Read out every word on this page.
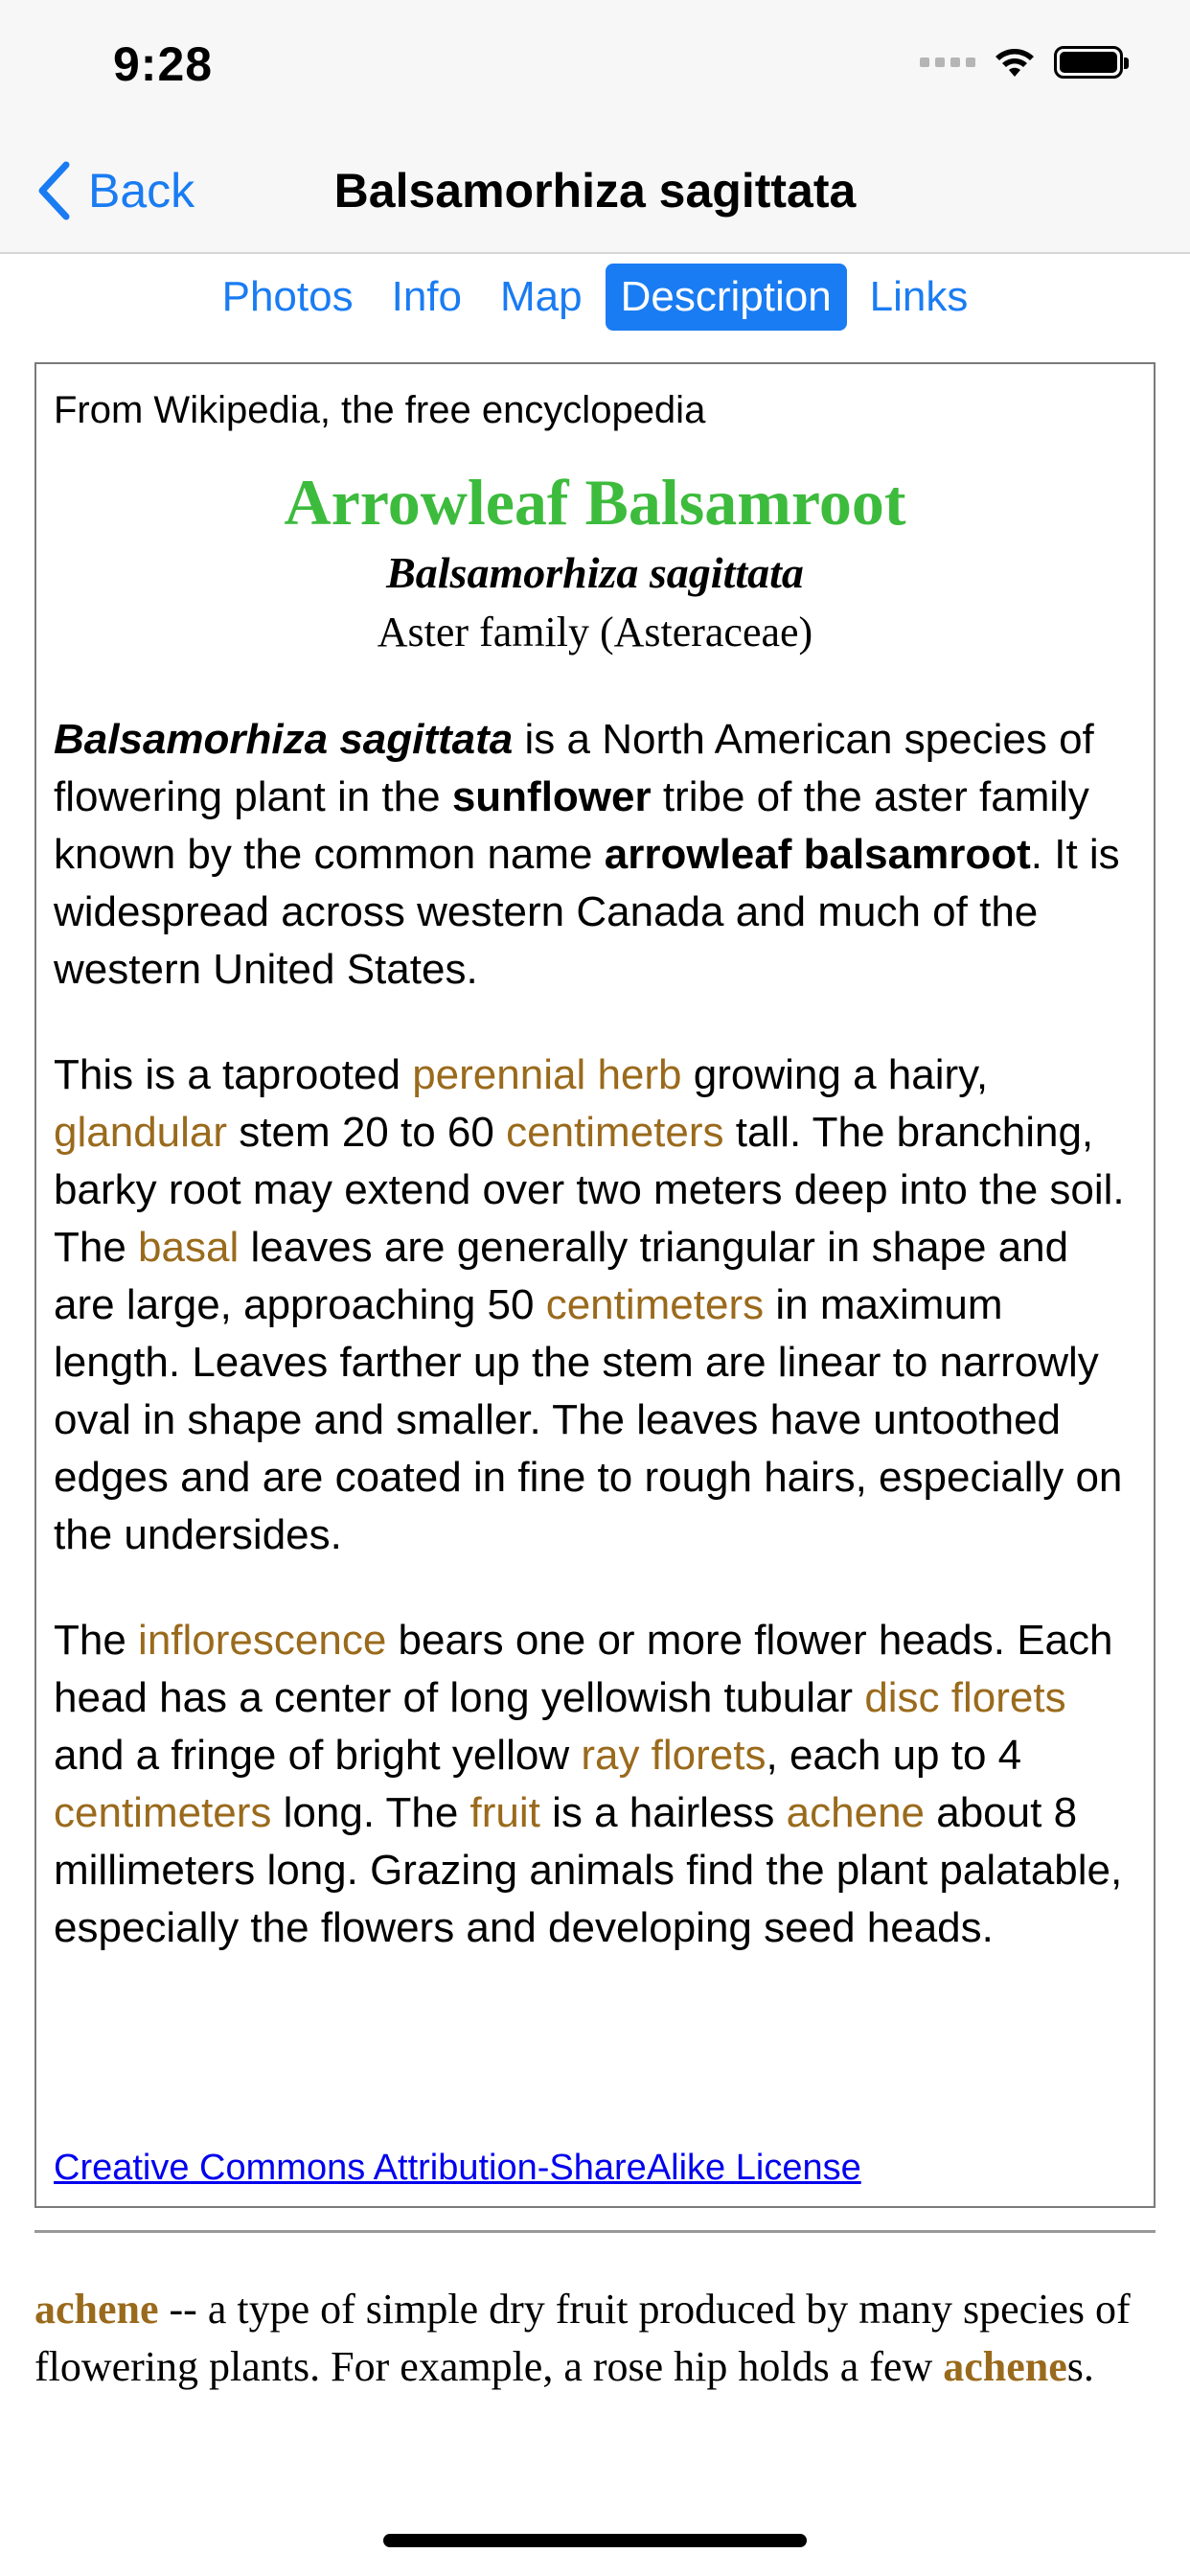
9:28
Back	Balsamorhiza sagittata
Photos Info Map Description Links
From Wikipedia, the free encyclopedia
Arrowleaf Balsamroot
Balsamorhiza sagittata
Aster family (Asteraceae)

Balsamorhiza sagittata is a North American species of flowering plant in the sunflower tribe of the aster family known by the common name arrowleaf balsamroot. It is widespread across western Canada and much of the western United States.

This is a taprooted perennial herb growing a hairy, glandular stem 20 to 60 centimeters tall. The branching, barky root may extend over two meters deep into the soil. The basal leaves are generally triangular in shape and are large, approaching 50 centimeters in maximum length. Leaves farther up the stem are linear to narrowly oval in shape and smaller. The leaves have untoothed edges and are coated in fine to rough hairs, especially on the undersides.

The inflorescence bears one or more flower heads. Each head has a center of long yellowish tubular disc florets and a fringe of bright yellow ray florets, each up to 4 centimeters long. The fruit is a hairless achene about 8 millimeters long. Grazing animals find the plant palatable, especially the flowers and developing seed heads.

Creative Commons Attribution-ShareAlike License
achene -- a type of simple dry fruit produced by many species of flowering plants. For example, a rose hip holds a few achenes.
